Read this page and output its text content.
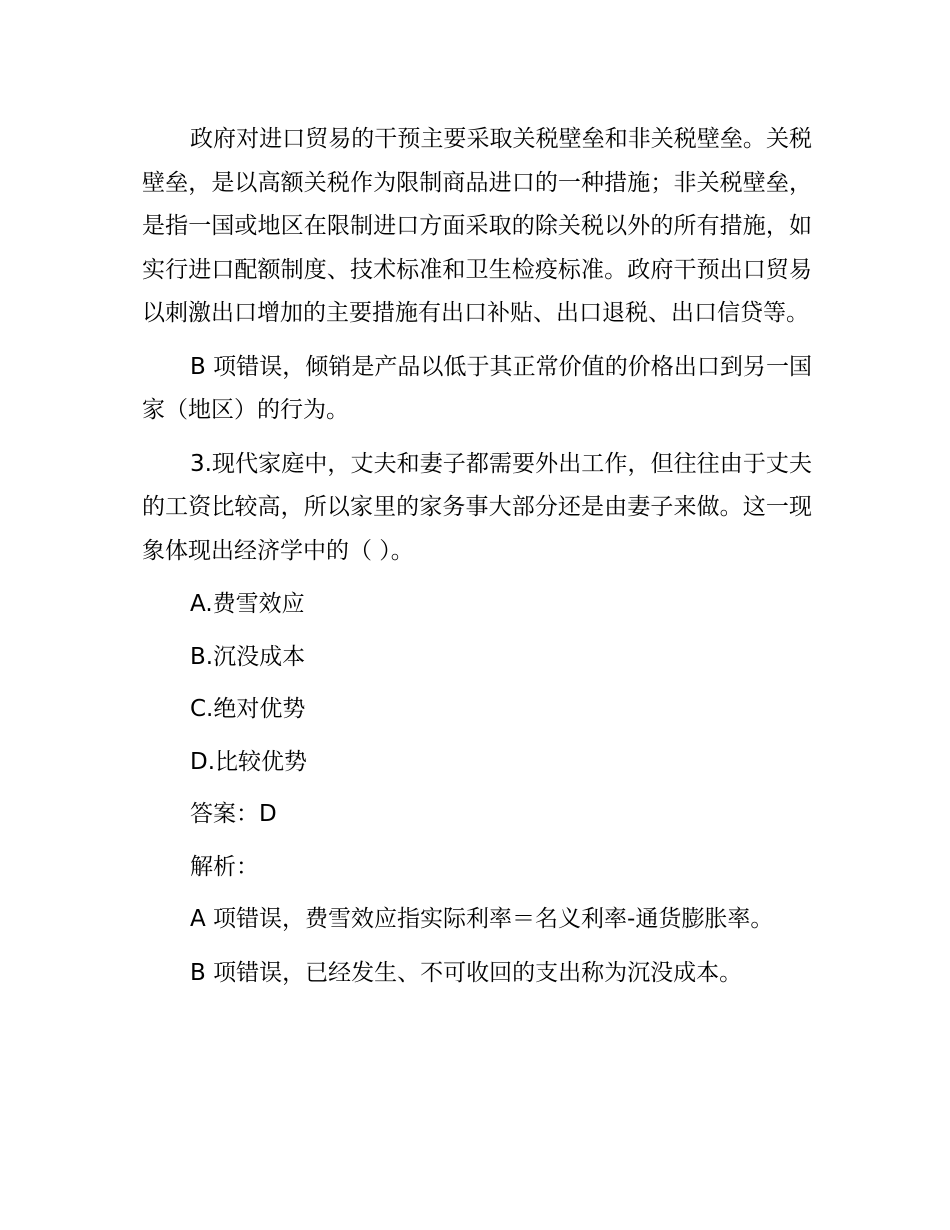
政府对进口贸易的干预主要采取关税壁垒和非关税壁垒。关税壁垒，是以高额关税作为限制商品进口的一种措施；非关税壁垒，是指一国或地区在限制进口方面采取的除关税以外的所有措施，如实行进口配额制度、技术标准和卫生检疫标准。政府干预出口贸易以刺激出口增加的主要措施有出口补贴、出口退税、出口信贷等。

B 项错误，倾销是产品以低于其正常价值的价格出口到另一国家（地区）的行为。

3.现代家庭中，丈夫和妻子都需要外出工作，但往往由于丈夫的工资比较高，所以家里的家务事大部分还是由妻子来做。这一现象体现出经济学中的（ ）。

A.费雪效应

B.沉没成本

C.绝对优势

D.比较优势

答案：D

解析：

A 项错误，费雪效应指实际利率＝名义利率-通货膨胀率。

B 项错误，已经发生、不可收回的支出称为沉没成本。
